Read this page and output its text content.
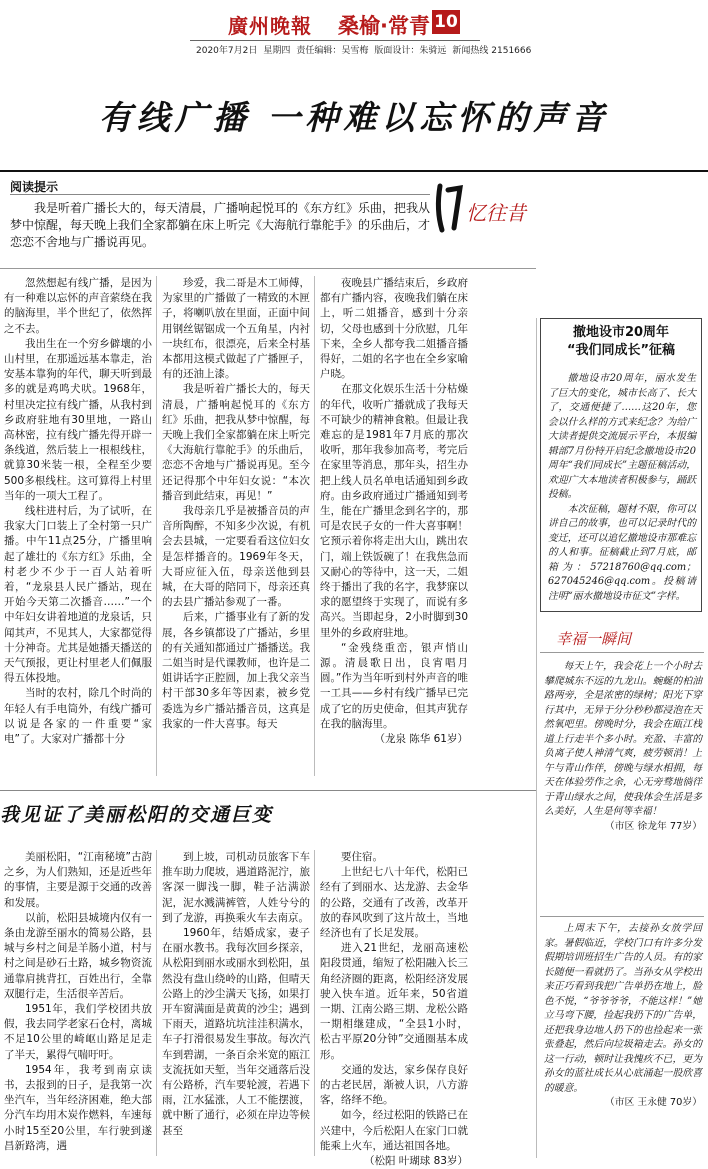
廣州晚報 桑榆·常青 10
2020年7月2日 星期四 责任编辑：吴雪梅 版面设计：朱骑远 新闻热线 2151666
有线广播 一种难以忘怀的声音
阅读提示
我是听着广播长大的，每天清晨，广播响起悦耳的《东方红》乐曲，把我从梦中惊醒，每天晚上我们全家都躺在床上听完《大海航行靠舵手》的乐曲后，才恋恋不舍地与广播说再见。
忆往昔

忽然想起有线广播，是因为有一种难以忘怀的声音萦绕在我的脑海里，半个世纪了，依然挥之不去。

我出生在一个穷乡僻壤的小山村里，在那遥远基本靠走，治安基本靠狗的年代，聊天听到最多的就是鸡鸣犬吠。1968年，村里决定拉有线广播，从我村到乡政府驻地有30里地，一路山高林密，拉有线广播先得开辟一条线道，然后装上一根根线柱，就算30米装一根，全程至少要500多根线柱。这可算得上村里当年的一项大工程了。

线柱进村后，为了试听，在我家大门口装上了全村第一只广播。中午11点25分，广播里响起了雄壮的《东方红》乐曲，全村老少不少于一百人站着听着，“龙泉县人民广播站，现在开始今天第二次播音……”一个中年妇女讲着地道的龙泉话，只闻其声，不见其人，大家都觉得十分神奇。尤其是她播天播送的天气预报，更让村里老人们佩服得五体投地。

当时的农村，除几个时尚的年轻人有手电筒外，有线广播可以说是各家的一件重要“家电”了。大家对广播都十分

珍爱，我二哥是木工师傅，为家里的广播做了一精致的木匣子，将喇叭放在里面，正面中间用钢丝锯锯成一个五角星，内衬一块红布，很漂亮，后来全村基本都用这模式做起了广播匣子，有的还油上漆。

我是听着广播长大的，每天清晨，广播响起悦耳的《东方红》乐曲，把我从梦中惊醒，每天晚上我们全家都躺在床上听完《大海航行靠舵手》的乐曲后，恋恋不舍地与广播说再见。至今还记得那个中年妇女说：“本次播音到此结束，再见！”

我母亲几乎是被播音员的声音所陶醉，不知多少次说，有机会去县城，一定要看看这位妇女是怎样播音的。1969年冬天，大哥应征入伍，母亲送他到县城，在大哥的陪同下，母亲还真的去县广播站参观了一番。

后来，广播事业有了新的发展，各乡镇都设了广播站，乡里的有关通知都通过广播播送。我二姐当时是代课教师，也许是二姐讲话字正腔圆，加上我父亲当村干部30多年等因素，被乡党委选为乡广播站播音员，这真是我家的一件大喜事。每天

夜晚县广播结束后，乡政府都有广播内容，夜晚我们躺在床上，听二姐播音，感到十分亲切，父母也感到十分欣慰，几年下来，全乡人都夸我二姐播音播得好，二姐的名字也在全乡家喻户晓。

在那文化娱乐生活十分枯燥的年代，收听广播就成了我每天不可缺少的精神食粮。但最让我难忘的是1981年7月底的那次收听，那年我参加高考，考完后在家里等消息，那年头，招生办把上线人员名单电话通知到乡政府。由乡政府通过广播通知到考生，能在广播里念到名字的，那可是农民子女的一件大喜事啊！它预示着你将走出大山，跳出农门，端上铁饭碗了！在我焦急而又耐心的等待中，这一天，二姐终于播出了我的名字，我梦寐以求的愿望终于实现了，而说有多高兴。当即起身，2小时脚到30里外的乡政府驻地。

“金残绕重峦，银声悄山源。清晨歌日出，良宵唱月圆。”作为当年听到村外声音的唯一工具——乡村有线广播早已完成了它的历史使命，但其声犹存在我的脑海里。

（龙泉 陈华 61岁）

撤地设市20周年
“我们同成长”征稿

撤地设市20周年，丽水发生了巨大的变化，城市长高了、长大了，交通便捷了……这20年，您会以什么样的方式来纪念？为给广大读者提供交流展示平台，本报编辑部7月份特开启纪念撤地设市20周年“我们同成长”主题征稿活动，欢迎广大本地读者积极参与，踊跃投稿。

本次征稿，题材不限，你可以讲自己的故事，也可以记录时代的变迁，还可以追忆撤地设市那难忘的人和事。征稿截止到7月底，邮箱为：57218760@qq.com；627045246@qq.com。投稿请注明“丽水撤地设市征文”字样。

幸福一瞬间

每天上午，我会花上一个小时去攀爬城东不远的九龙山。蜿蜒的柏油路两旁，全是浓密的绿树；阳光下穿行其中，无异于分分秒秒都浸泡在天然氧吧里。傍晚时分，我会在瓯江栈道上行走半个多小时。充盈、丰富的负离子使人神清气爽，疲劳顿消！上午与青山作伴，傍晚与绿水相拥，每天在体验劳作之余，心无旁骛地徜徉于青山绿水之间，使我体会生活是多么美好，人生是何等幸福！

（市区 徐龙年 77岁）

上周末下午，去接孙女放学回家。暑假临近，学校门口有许多分发假期培训班招生广告的人员。有的家长随便一看就扔了。当孙女从学校出来正巧看到我把广告单扔在地上，脸色不悦，“爷爷爷爷，不能这样！”她立马弯下腰，捡起我扔下的广告单，还把我身边地人扔下的也捡起来一张张叠起，然后向垃圾箱走去。孙女的这一行动，顿时让我愧疚不已，更为孙女的蓝社成长从心底涌起一股欣喜的暖意。

（市区 王永健 70岁）

我见证了美丽松阳的交通巨变

美丽松阳，“江南秘境”古韵之乡，为人们熟知，还是近些年的事情，主要是源于交通的改善和发展。

以前，松阳县城境内仅有一条由龙游至丽水的简易公路，县城与乡村之间是羊肠小道，村与村之间是砂石土路，城乡物资流通靠肩挑背扛，百姓出行，全靠双腿行走，生活很辛苦后。

1951年，我们学校团共放假，我去同学老家石仓村，离城不足10公里的崎岖山路足足走了半天，累得气喘吁吁。

1954年，我考到南京读书，去报到的日子，是我第一次坐汽车，当年经济困难，绝大部分汽车均用木炭作燃料，车速每小时15至20公里，车行驶到遂昌新路湾，遇

到上坡，司机动员旅客下车推车助力爬坡，遇道路泥泞，旅客深一脚浅一脚，鞋子沾满淤泥，泥水溅满裤管，人姓兮兮的到了龙游，再换乘火车去南京。

1960年，结婚成家，妻子在丽水教书。我每次回乡探亲，从松阳到丽水或丽水到松阳，虽然没有盘山绕岭的山路，但晴天公路上的沙尘满天飞扬，如果打开车窗满面是黄黄的沙尘；遇到下雨天，道路坑坑洼洼积满水，车子打滑很易发生事故。每次汽车到碧湖，一条百余米宽的瓯江支流抚如天堑，当年交通落后没有公路桥，汽车要轮渡，若遇下雨，江水猛涨，人工不能摆渡，就中断了通行，必须在岸边等候甚至

要住宿。

上世纪七八十年代，松阳已经有了到丽水、达龙游、去金华的公路，交通有了改善，改革开放的春风吹到了这片故土，当地经济也有了长足发展。

进入21世纪，龙丽高速松阳段贯通，缩短了松阳融入长三角经济圈的距离，松阳经济发展驶入快车道。近年来，50省道一期、江南公路三期、龙松公路一期相继建成，“全县1小时，松古平原20分钟”交通圈基本成形。

交通的发达，家乡保存良好的古老民居，渐被人识，八方游客，络绎不绝。

如今，经过松阳的铁路已在兴建中，今后松阳人在家门口就能乘上火车，通达祖国各地。

（松阳 叶瑚球 83岁）
